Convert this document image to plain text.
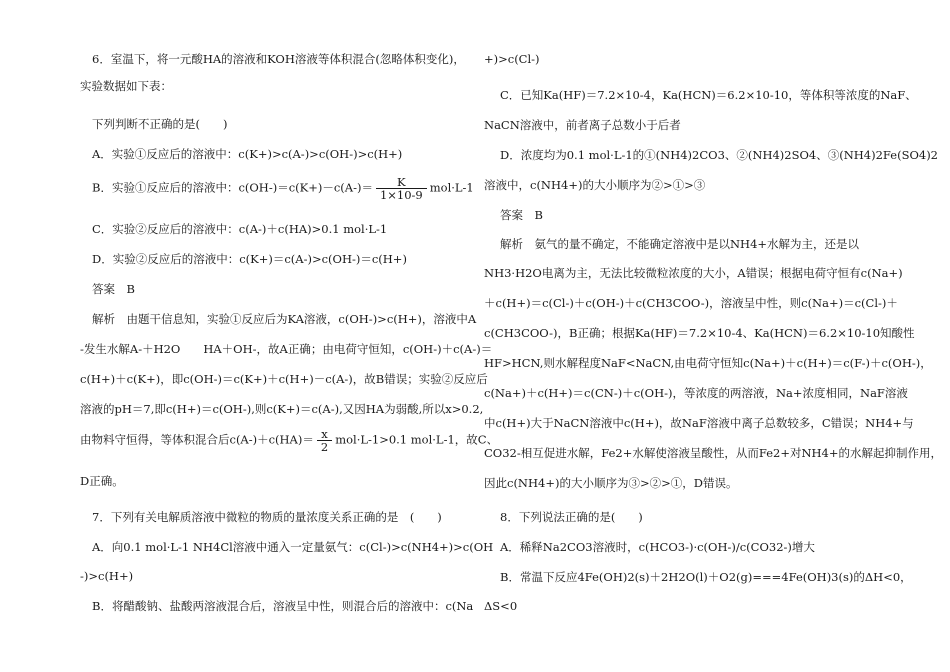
6．室温下，将一元酸HA的溶液和KOH溶液等体积混合(忽略体积变化)，
实验数据如下表：
下列判断不正确的是(　　)
A．实验①反应后的溶液中：c(K+)>c(A-)>c(OH-)>c(H+)
B．实验①反应后的溶液中：$c(OH-)=c(K+)-c(A-)= \frac{K}{1\times 10-9} mol\cdot L-1$
C．实验②反应后的溶液中：c(A-)＋c(HA)>0.1 mol·L-1
D．实验②反应后的溶液中：c(K+)＝c(A-)>c(OH-)＝c(H+)
答案　B
解析　由题干信息知，实验①反应后为KA溶液，c(OH-)>c(H+)，溶液中A
-发生水解A-＋H2O　　HA＋OH-，故A正确；由电荷守恒知，c(OH-)＋c(A-)＝
c(H+)＋c(K+)，即c(OH-)＝c(K+)＋c(H+)－c(A-)，故B错误；实验②反应后
溶液的pH＝7,即c(H+)＝c(OH-),则c(K+)＝c(A-),又因HA为弱酸,所以x>0.2,
由物料守恒得，等体积混合后$c(A-)+c(HA)= \frac{x}{2} mol\cdot L-1>0.1$ mol·L-1，故C、
D正确。
7．下列有关电解质溶液中微粒的物质的量浓度关系正确的是　(　　)
A．向0.1 mol·L-1 NH4Cl溶液中通入一定量氨气：c(Cl-)>c(NH4+)>c(OH
-)>c(H+)
B．将醋酸钠、盐酸两溶液混合后，溶液呈中性，则混合后的溶液中：c(Na
+)>c(Cl-)
C．已知Ka(HF)＝7.2×10-4，Ka(HCN)＝6.2×10-10，等体积等浓度的NaF、
NaCN溶液中，前者离子总数小于后者
D．浓度均为0.1 mol·L-1的①(NH4)2CO3、②(NH4)2SO4、③(NH4)2Fe(SO4)2
溶液中，c(NH4+)的大小顺序为②>①>③
答案　B
解析　氨气的量不确定，不能确定溶液中是以NH4+水解为主，还是以
NH3·H2O电离为主，无法比较微粒浓度的大小，A错误；根据电荷守恒有c(Na+)
＋c(H+)＝c(Cl-)＋c(OH-)＋c(CH3COO-)，溶液呈中性，则c(Na+)＝c(Cl-)＋
c(CH3COO-)，B正确；根据Ka(HF)＝7.2×10-4、Ka(HCN)＝6.2×10-10知酸性
HF>HCN,则水解程度NaF<NaCN,由电荷守恒知c(Na+)＋c(H+)＝c(F-)＋c(OH-)，
c(Na+)＋c(H+)＝c(CN-)＋c(OH-)，等浓度的两溶液，Na+浓度相同，NaF溶液
中c(H+)大于NaCN溶液中c(H+)，故NaF溶液中离子总数较多，C错误；NH4+与
CO32-相互促进水解，Fe2+水解使溶液呈酸性，从而Fe2+对NH4+的水解起抑制作用，
因此c(NH4+)的大小顺序为③>②>①，D错误。
8．下列说法正确的是(　　)
A．稀释Na2CO3溶液时，c(HCO3-)·c(OH-)/c(CO32-)增大
B．常温下反应4Fe(OH)2(s)＋2H2O(l)＋O2(g)===4Fe(OH)3(s)的ΔH<0，
ΔS<0
